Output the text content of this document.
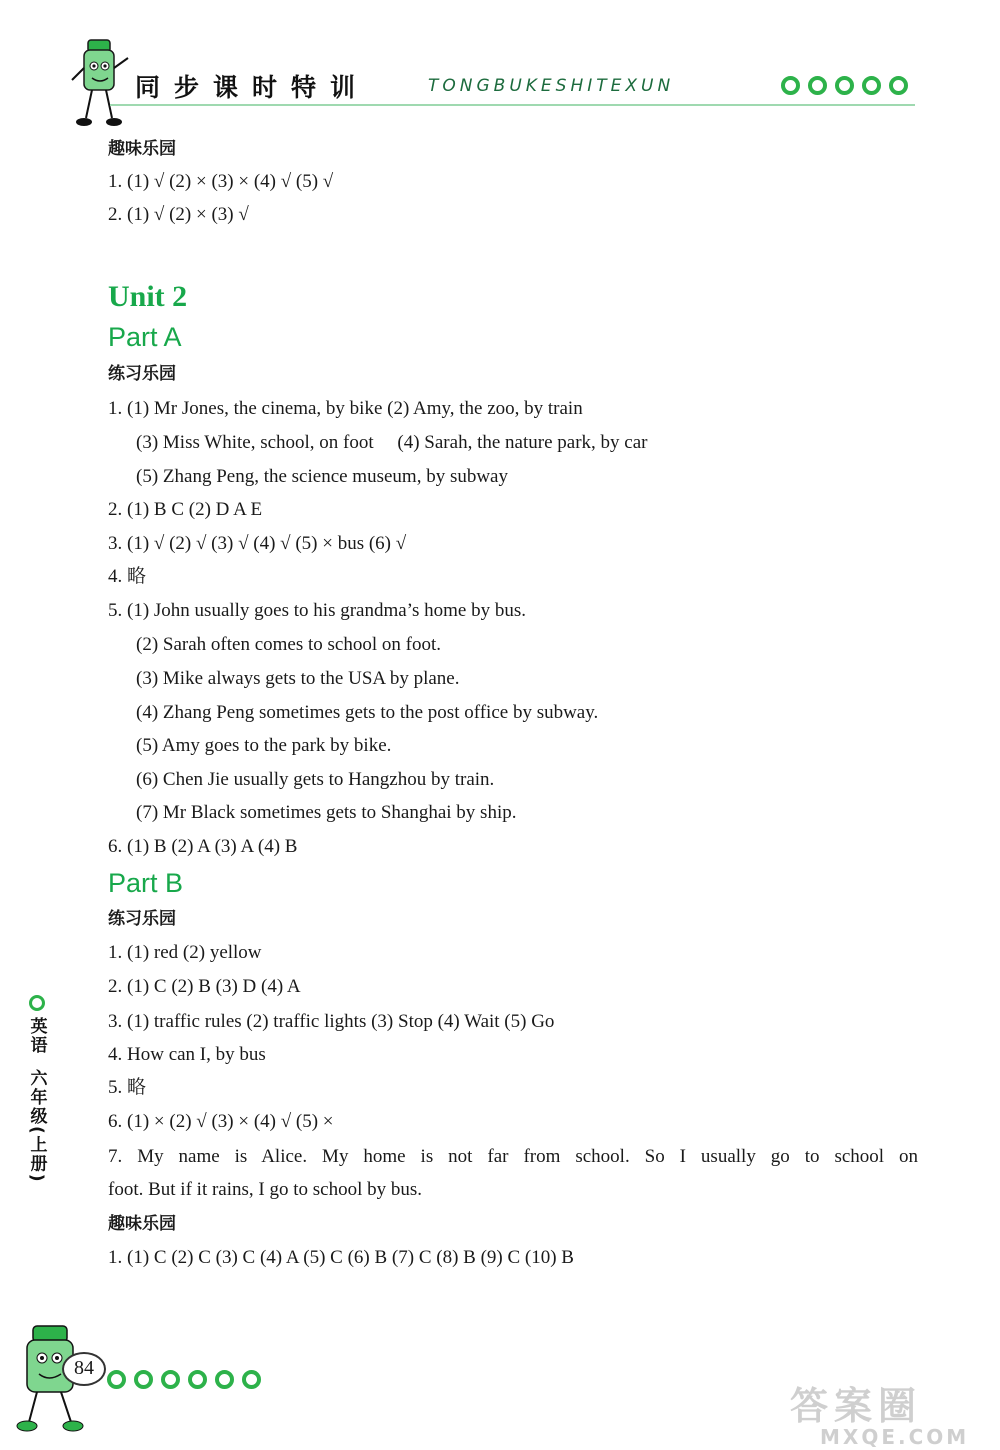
同步课时特训	TONGBUKESHITEXUN
趣味乐园
1. (1) √ (2) × (3) × (4) √ (5) √
2. (1) √ (2) × (3) √
Unit 2
Part A
练习乐园
1. (1) Mr Jones, the cinema, by bike (2) Amy, the zoo, by train
(3) Miss White, school, on foot     (4) Sarah, the nature park, by car
(5) Zhang Peng, the science museum, by subway
2. (1) B C (2) D A E
3. (1) √ (2) √ (3) √ (4) √ (5) × bus (6) √
4. 略
5. (1) John usually goes to his grandma’s home by bus.
(2) Sarah often comes to school on foot.
(3) Mike always gets to the USA by plane.
(4) Zhang Peng sometimes gets to the post office by subway.
(5) Amy goes to the park by bike.
(6) Chen Jie usually gets to Hangzhou by train.
(7) Mr Black sometimes gets to Shanghai by ship.
6. (1) B (2) A (3) A (4) B
Part B
练习乐园
1. (1) red (2) yellow
2. (1) C (2) B (3) D (4) A
3. (1) traffic rules (2) traffic lights (3) Stop (4) Wait (5) Go
4. How can I, by bus
5. 略
6. (1) × (2) √ (3) × (4) √ (5) ×
7. My name is Alice. My home is not far from school. So I usually go to school on
foot. But if it rains, I go to school by bus.
趣味乐园
1. (1) C (2) C (3) C (4) A (5) C (6) B (7) C (8) B (9) C (10) B
英语
六年级(上册)
84
答案圈
MXQE.COM
